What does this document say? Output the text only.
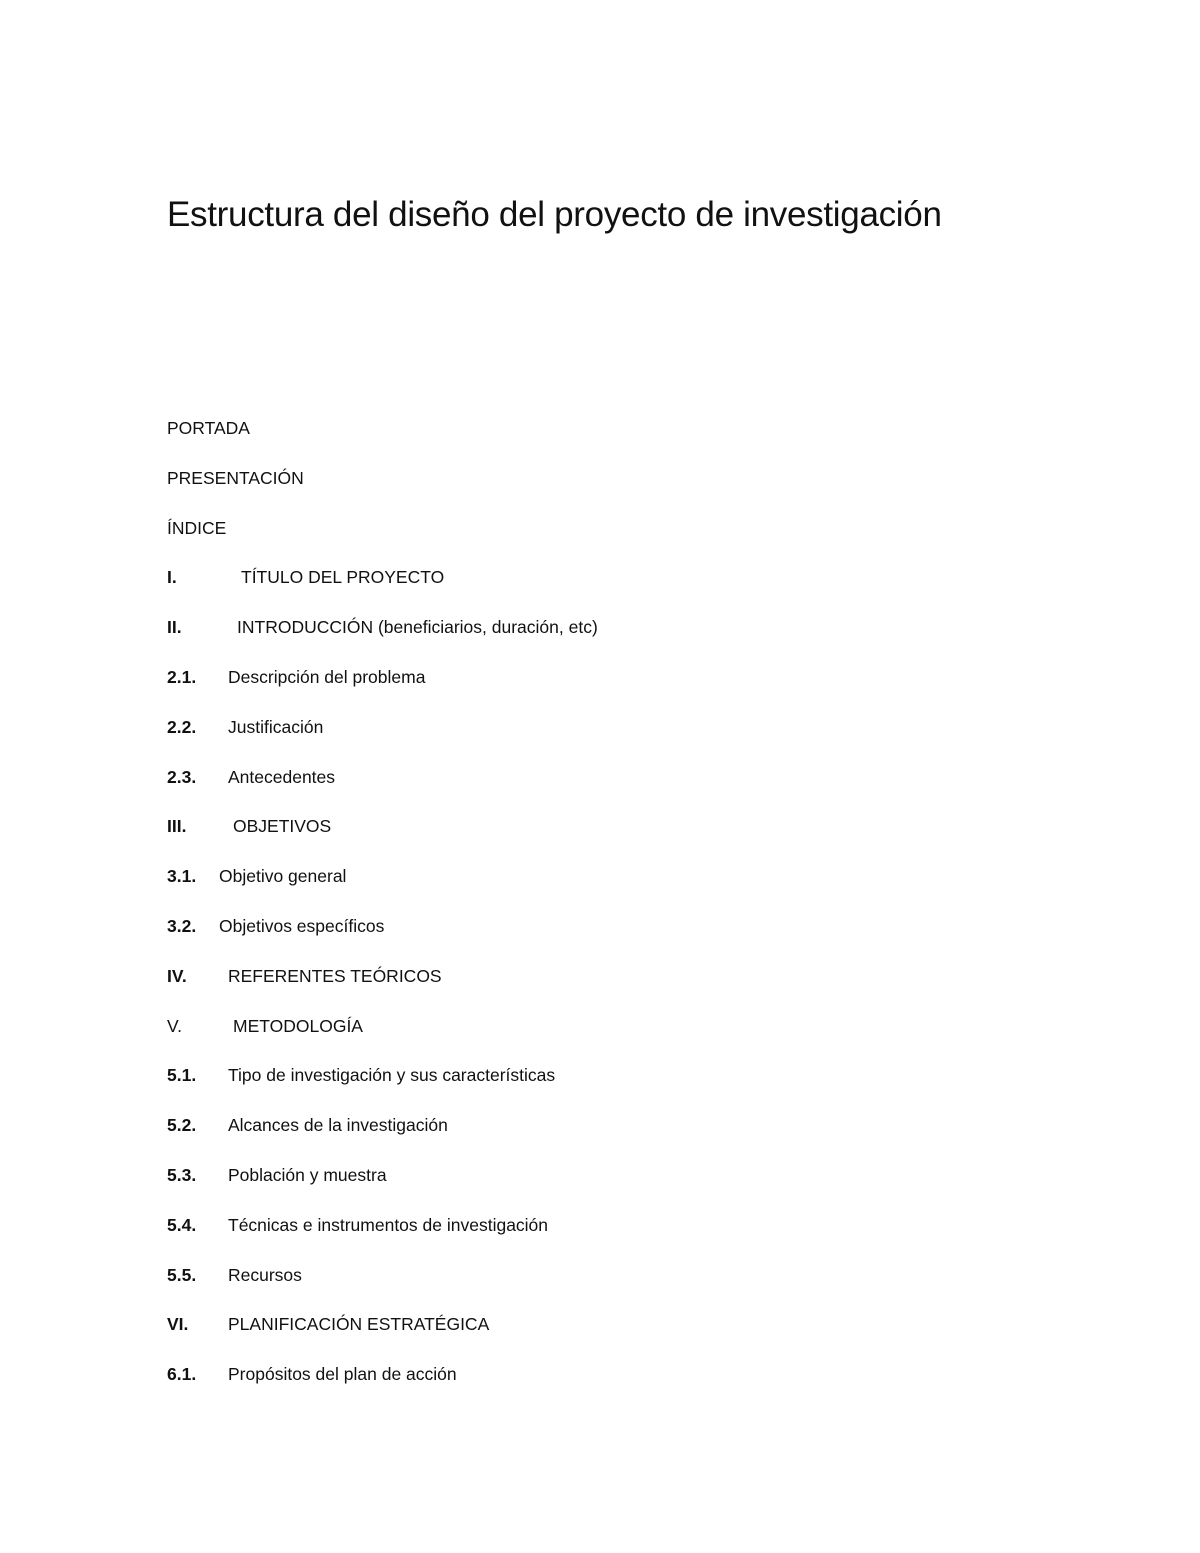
Estructura del diseño del proyecto de investigación
PORTADA
PRESENTACIÓN
ÍNDICE
I.	TÍTULO DEL PROYECTO
II.	INTRODUCCIÓN (beneficiarios, duración, etc)
2.1. Descripción del problema
2.2. Justificación
2.3. Antecedentes
III.	OBJETIVOS
3.1. Objetivo general
3.2. Objetivos específicos
IV. REFERENTES TEÓRICOS
V.	METODOLOGÍA
5.1. Tipo de investigación y sus características
5.2. Alcances de la investigación
5.3. Población y muestra
5.4. Técnicas e instrumentos de investigación
5.5. Recursos
VI. PLANIFICACIÓN ESTRATÉGICA
6.1. Propósitos del plan de acción
